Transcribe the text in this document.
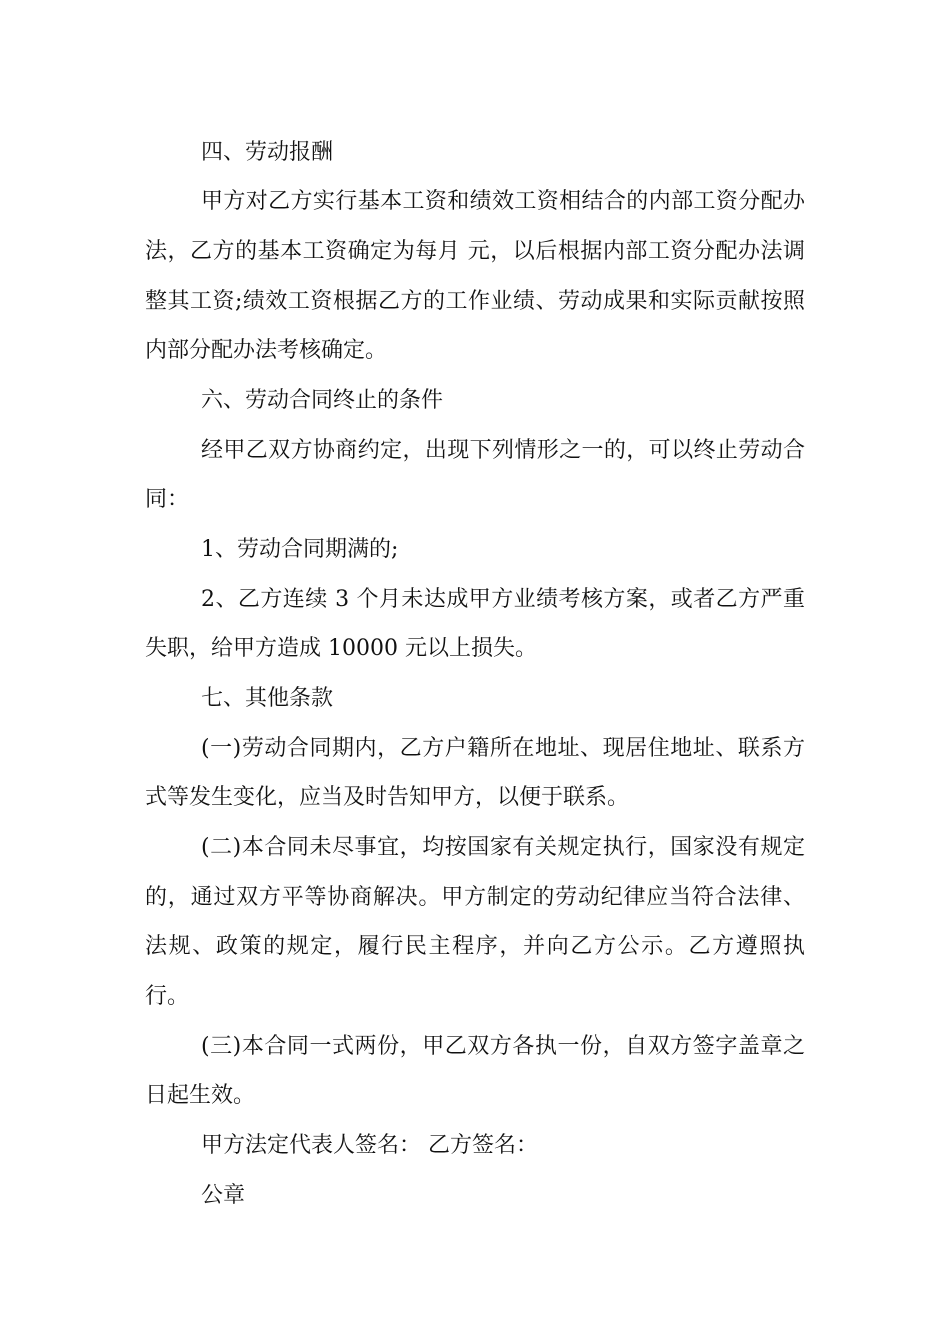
四、劳动报酬
甲方对乙方实行基本工资和绩效工资相结合的内部工资分配办
法，乙方的基本工资确定为每月 元，以后根据内部工资分配办法调
整其工资;绩效工资根据乙方的工作业绩、劳动成果和实际贡献按照
内部分配办法考核确定。
六、劳动合同终止的条件
经甲乙双方协商约定，出现下列情形之一的，可以终止劳动合
同：
1、劳动合同期满的;
2、乙方连续 3 个月未达成甲方业绩考核方案，或者乙方严重
失职，给甲方造成 10000 元以上损失。
七、其他条款
(一)劳动合同期内，乙方户籍所在地址、现居住地址、联系方
式等发生变化，应当及时告知甲方，以便于联系。
(二)本合同未尽事宜，均按国家有关规定执行，国家没有规定
的，通过双方平等协商解决。甲方制定的劳动纪律应当符合法律、
法规、政策的规定，履行民主程序，并向乙方公示。乙方遵照执
行。
(三)本合同一式两份，甲乙双方各执一份，自双方签字盖章之
日起生效。
甲方法定代表人签名： 乙方签名：
公章
